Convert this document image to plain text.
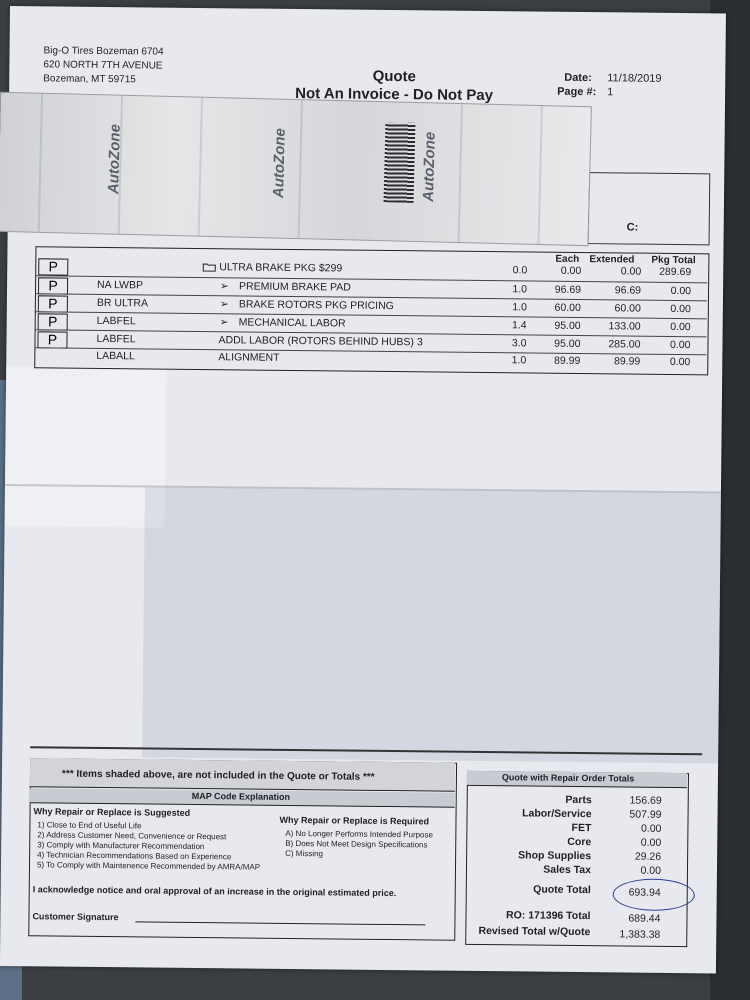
Big-O Tires Bozeman 6704
620 NORTH 7TH AVENUE
Bozeman, MT 59715	Quote
Not An Invoice - Do Not Pay
Date: 11/18/2019
Page #: 1
C:
AutoZone	AutoZone	AutoZone
Each Extended Pkg Total
P	ULTRA BRAKE PKG $299	0.0	0.00	0.00	289.69
P	NA LWBP	➢ PREMIUM BRAKE PAD	1.0	96.69	96.69	0.00
P	BR ULTRA	➢ BRAKE ROTORS PKG PRICING	1.0	60.00	60.00	0.00
P	LABFEL	➢ MECHANICAL LABOR	1.4	95.00	133.00	0.00
P	LABFEL	ADDL LABOR (ROTORS BEHIND HUBS) 3	3.0	95.00	285.00	0.00
LABALL	ALIGNMENT	1.0	89.99	89.99	0.00
*** Items shaded above, are not included in the Quote or Totals ***
MAP Code Explanation
Why Repair or Replace is Suggested
1) Close to End of Useful Life
2) Address Customer Need, Convenience or Request
3) Comply with Manufacturer Recommendation
4) Technician Recommendations Based on Experience
5) To Comply with Maintenence Recommended by AMRA/MAP
Why Repair or Replace is Required
A) No Longer Performs Intended Purpose
B) Does Not Meet Design Specifications
C) Missing
I acknowledge notice and oral approval of an increase in the original estimated price.
Customer Signature
Quote with Repair Order Totals
Parts	156.69
Labor/Service	507.99
FET	0.00
Core	0.00
Shop Supplies	29.26
Sales Tax	0.00
Quote Total	693.94
RO: 171396 Total	689.44
Revised Total w/Quote	1,383.38
